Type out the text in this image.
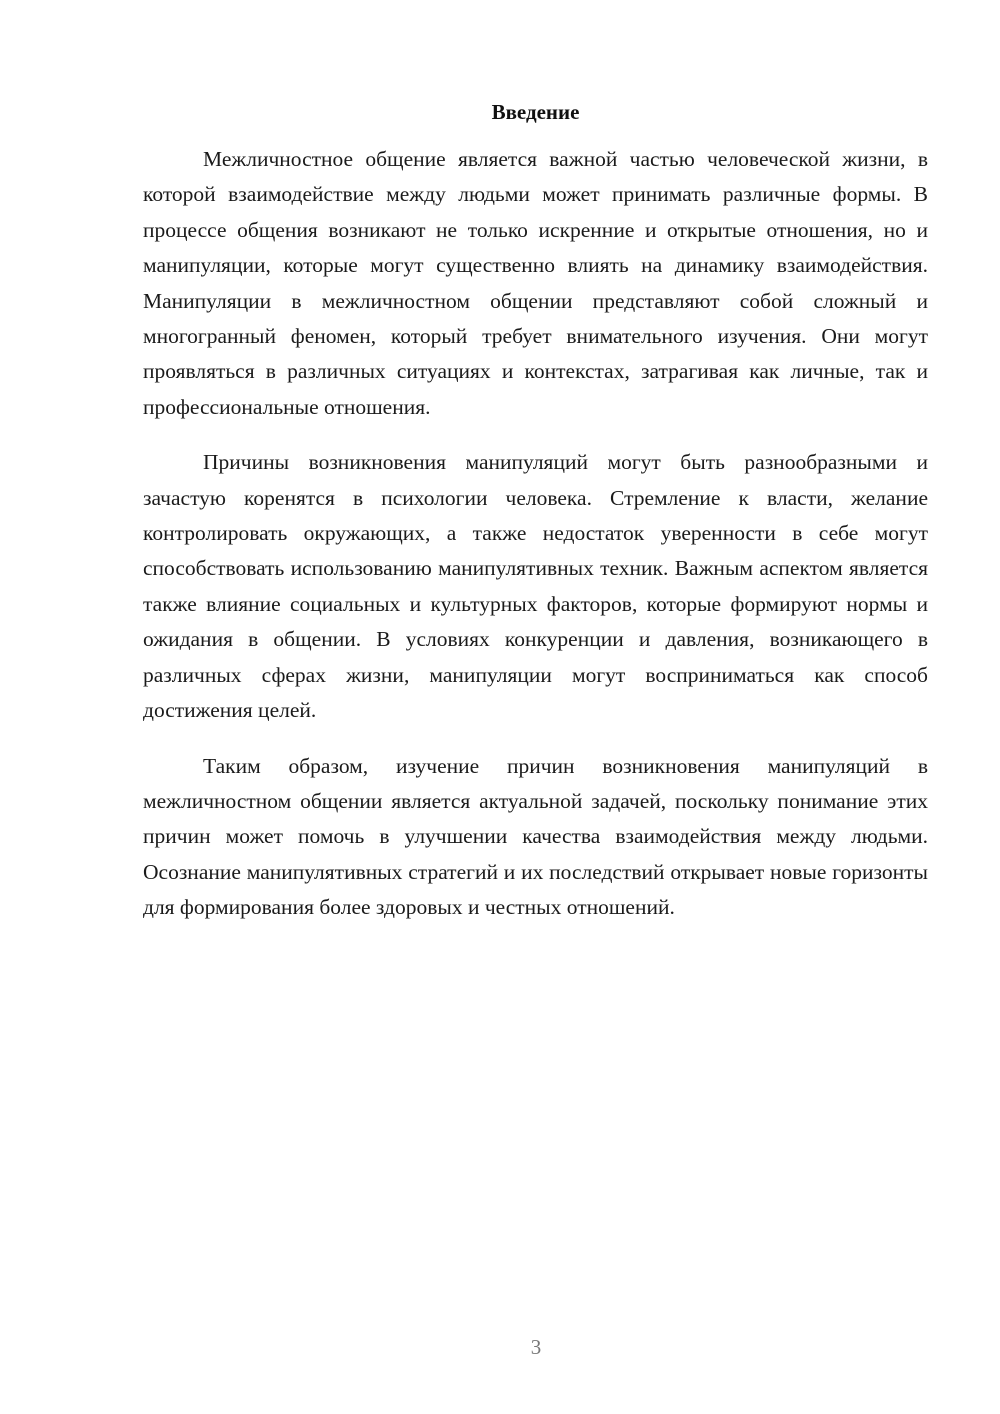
Введение

Межличностное общение является важной частью человеческой жизни, в которой взаимодействие между людьми может принимать различные формы. В процессе общения возникают не только искренние и открытые отношения, но и манипуляции, которые могут существенно влиять на динамику взаимодействия. Манипуляции в межличностном общении представляют собой сложный и многогранный феномен, который требует внимательного изучения. Они могут проявляться в различных ситуациях и контекстах, затрагивая как личные, так и профессиональные отношения.

Причины возникновения манипуляций могут быть разнообразными и зачастую коренятся в психологии человека. Стремление к власти, желание контролировать окружающих, а также недостаток уверенности в себе могут способствовать использованию манипулятивных техник. Важным аспектом является также влияние социальных и культурных факторов, которые формируют нормы и ожидания в общении. В условиях конкуренции и давления, возникающего в различных сферах жизни, манипуляции могут восприниматься как способ достижения целей.

Таким образом, изучение причин возникновения манипуляций в межличностном общении является актуальной задачей, поскольку понимание этих причин может помочь в улучшении качества взаимодействия между людьми. Осознание манипулятивных стратегий и их последствий открывает новые горизонты для формирования более здоровых и честных отношений.

3
